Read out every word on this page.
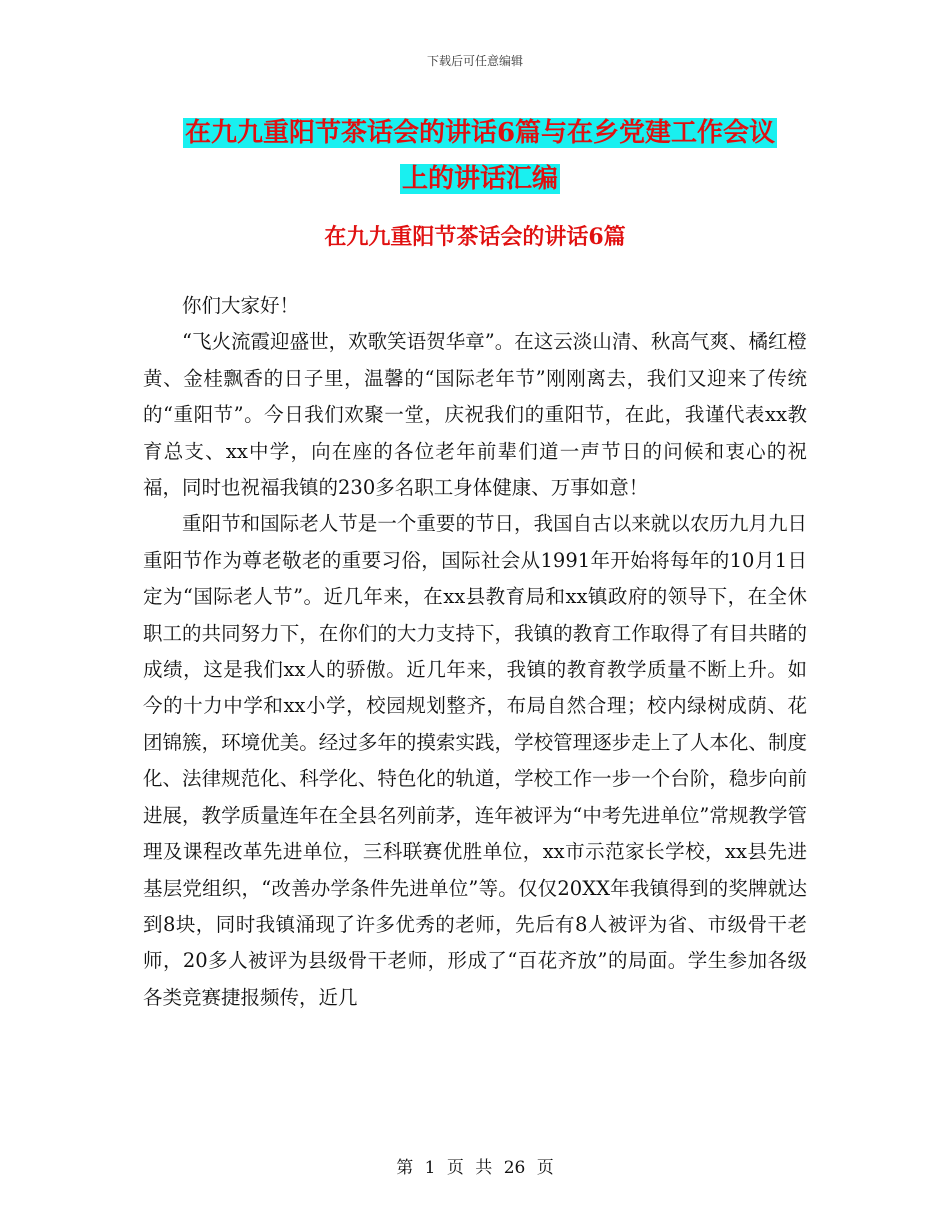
下载后可任意编辑
在九九重阳节茶话会的讲话6篇与在乡党建工作会议
上的讲话汇编
在九九重阳节茶话会的讲话6篇

你们大家好！

“飞火流霞迎盛世，欢歌笑语贺华章”。在这云淡山清、秋高气爽、橘红橙黄、金桂飘香的日子里，温馨的“国际老年节”刚刚离去，我们又迎来了传统的“重阳节”。今日我们欢聚一堂，庆祝我们的重阳节，在此，我谨代表xx教育总支、xx中学，向在座的各位老年前辈们道一声节日的问候和衷心的祝福，同时也祝福我镇的230多名职工身体健康、万事如意！

重阳节和国际老人节是一个重要的节日，我国自古以来就以农历九月九日重阳节作为尊老敬老的重要习俗，国际社会从1991年开始将每年的10月1日定为“国际老人节”。近几年来，在xx县教育局和xx镇政府的领导下，在全休职工的共同努力下，在你们的大力支持下，我镇的教育工作取得了有目共睹的成绩，这是我们xx人的骄傲。近几年来，我镇的教育教学质量不断上升。如今的十力中学和xx小学，校园规划整齐，布局自然合理；校内绿树成荫、花团锦簇，环境优美。经过多年的摸索实践，学校管理逐步走上了人本化、制度化、法律规范化、科学化、特色化的轨道，学校工作一步一个台阶，稳步向前进展，教学质量连年在全县名列前茅，连年被评为“中考先进单位”常规教学管理及课程改革先进单位，三科联赛优胜单位，xx市示范家长学校，xx县先进基层党组织，“改善办学条件先进单位”等。仅仅20XX年我镇得到的奖牌就达到8块，同时我镇涌现了许多优秀的老师，先后有8人被评为省、市级骨干老师，20多人被评为县级骨干老师，形成了“百花齐放”的局面。学生参加各级各类竞赛捷报频传，近几

第 1 页 共 26 页
